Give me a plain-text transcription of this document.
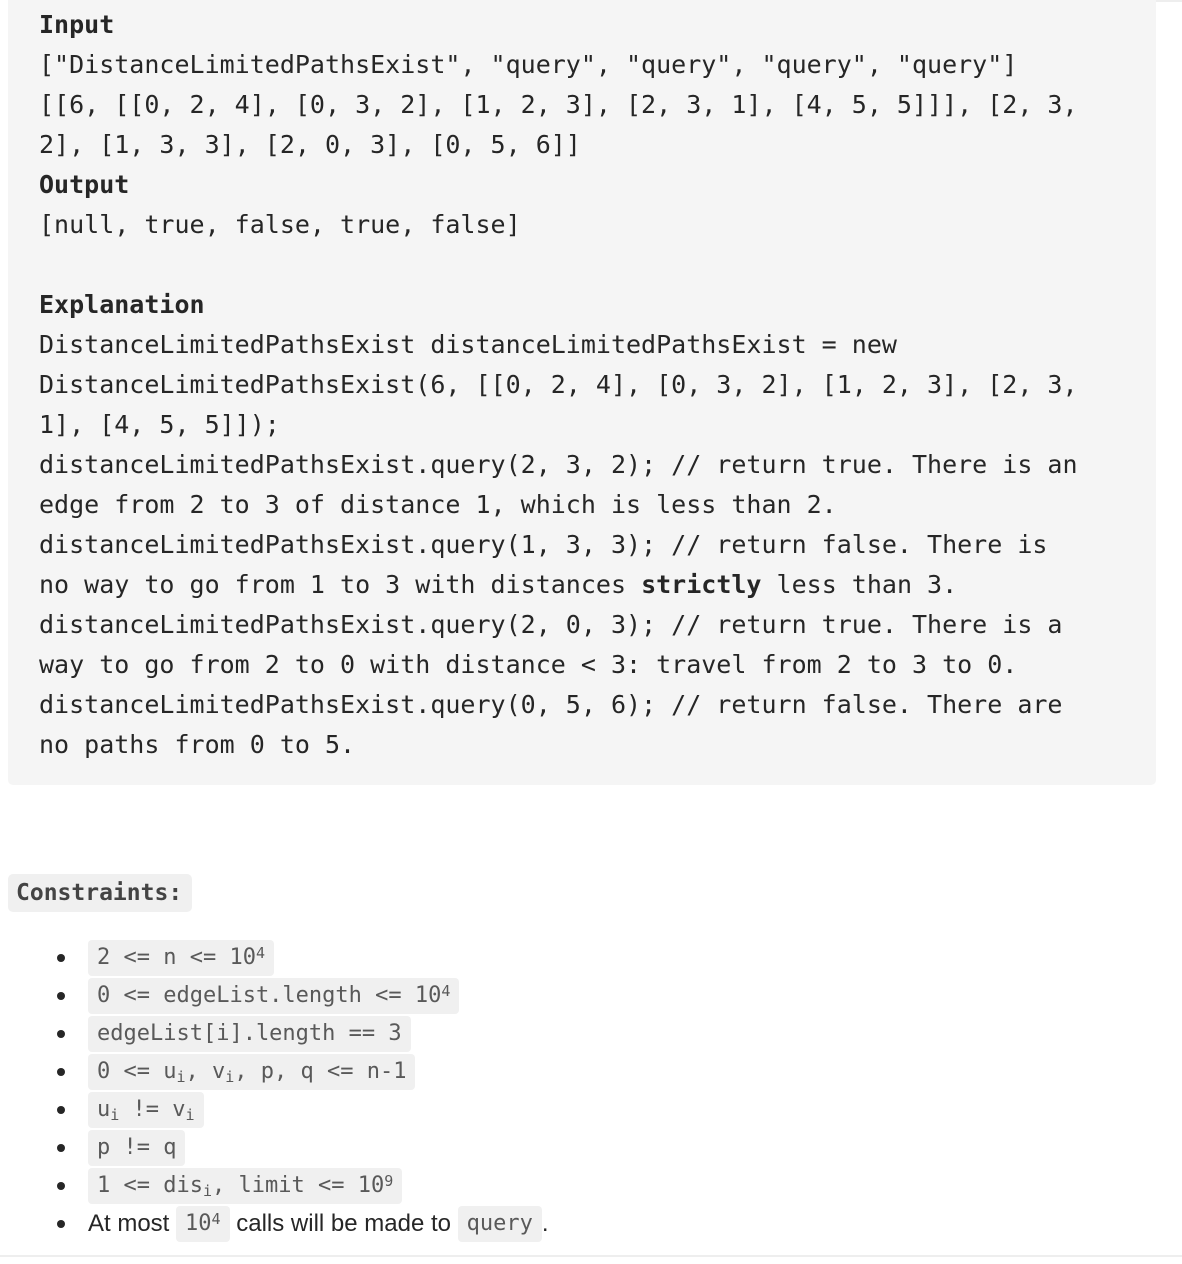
Input
["DistanceLimitedPathsExist", "query", "query", "query", "query"]
[[6, [[0, 2, 4], [0, 3, 2], [1, 2, 3], [2, 3, 1], [4, 5, 5]]], [2, 3,
2], [1, 3, 3], [2, 0, 3], [0, 5, 6]]
Output
[null, true, false, true, false]
Explanation
DistanceLimitedPathsExist distanceLimitedPathsExist = new
DistanceLimitedPathsExist(6, [[0, 2, 4], [0, 3, 2], [1, 2, 3], [2, 3,
1], [4, 5, 5]]);
distanceLimitedPathsExist.query(2, 3, 2); // return true. There is an
edge from 2 to 3 of distance 1, which is less than 2.
distanceLimitedPathsExist.query(1, 3, 3); // return false. There is
no way to go from 1 to 3 with distances strictly less than 3.
distanceLimitedPathsExist.query(2, 0, 3); // return true. There is a
way to go from 2 to 0 with distance < 3: travel from 2 to 3 to 0.
distanceLimitedPathsExist.query(0, 5, 6); // return false. There are
no paths from 0 to 5.
Constraints:
$2 <= n <= 10^4$
0 <= edgeList.length <= $10^4$
edgeList[i].length == 3
$0 <= u_i$ , $v_i$ , p, q <= n-1
$u_i$ != $v_i$
p != q
1 <= dis$_i$ , limit <= $10^9$
At most $10^4$ calls will be made to query .
